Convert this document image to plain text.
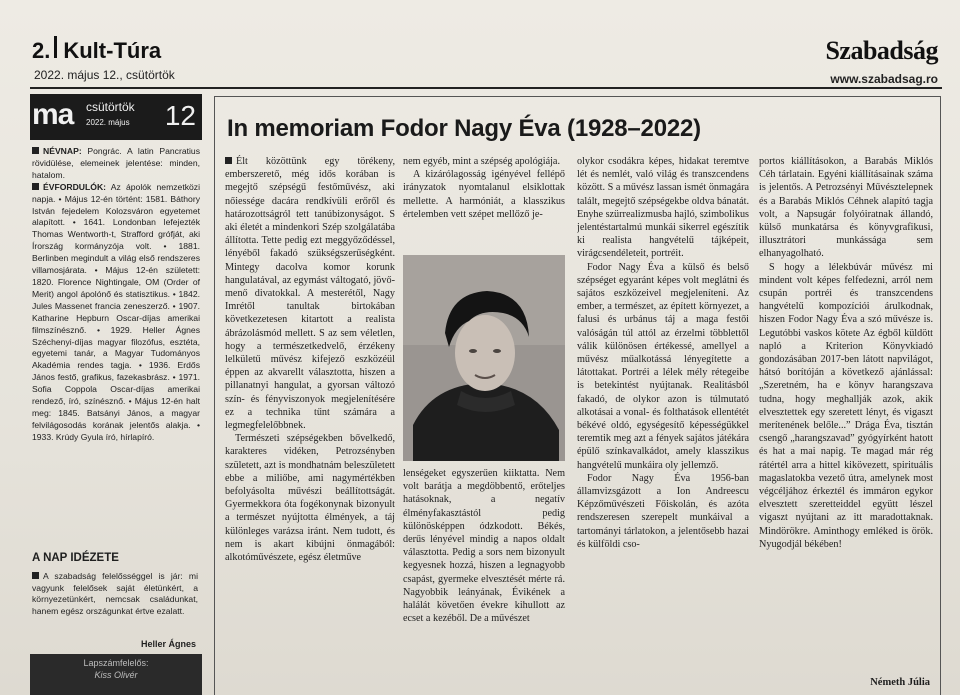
2. Kult-Túra
2022. május 12., csütörtök
Szabadság
www.szabadsag.ro
ma csütörtök
2022. május 12
NÉVNAP: Pongrác. A latin Pancratius rövidülése, elemeinek jelentése: minden, hatalom.
ÉVFORDULÓK: Az ápolók nemzetközi napja. • Május 12-én történt: 1581. Báthory István fejedelem Kolozsváron egyetemet alapított. • 1641. Londonban lefejezték Thomas Wentworth-t, Strafford grófját, aki Írország kormányzója volt. • 1881. Berlinben megindult a világ első rendszeres villamosjárata. • Május 12-én született: 1820. Florence Nightingale, OM (Order of Merit) angol ápolónő és statisztikus. • 1842. Jules Massenet francia zeneszerző. • 1907. Katharine Hepburn Oscar-díjas amerikai filmszínésznő. • 1929. Heller Ágnes Széchenyi-díjas magyar filozófus, esztéta, egyetemi tanár, a Magyar Tudományos Akadémia rendes tagja. • 1936. Erdős János festő, grafikus, fazekasbrász. • 1971. Sofia Coppola Oscar-díjas amerikai rendező, író, színésznő. • Május 12-én halt meg: 1845. Batsányi János, a magyar felvilágosodás korának jelentős alakja. • 1933. Krúdy Gyula író, hírlapíró.
A NAP IDÉZETE
A szabadság felelősséggel is jár: mi vagyunk felelősek saját életünkért, a környezetünkért, nemcsak családunkat, hanem egész országunkat értve ezalatt.
Heller Ágnes
Lapszámfelelős:
Kiss Olivér
In memoriam Fodor Nagy Éva (1928–2022)

Élt közöttünk egy törékeny, emberszerető, még idős korában is megejtő szépségű festőművész, aki nőiessége dacára rendkívüli erőről és határozottságról tett tanúbizonyságot. S aki életét a mindenkori Szép szolgálatába állította. Tette pedig ezt meggyőződéssel, lényéből fakadó szükségszerűségként. Mintegy dacolva komor korunk hangulatával, az egymást váltogató, jövő-menő divatokkal. A mesterétől, Nagy Imrétől tanultak birtokában következetesen kitartott a realista ábrázolásmód mellett. S az sem véletlen, hogy a természetkedvelő, érzékeny lelkületű művész kifejező eszközéül éppen az akvarellt választotta, hiszen a pillanatnyi hangulat, a gyorsan változó szín- és fényviszonyok megjelenítésére ez a technika tűnt számára a legmegfelelőbbnek.

Természeti szépségekben bővelkedő, karakteres vidéken, Petrozsényben született, azt is mondhatnám beleszületett ebbe a miliőbe, ami nagymértékben befolyásolta művészi beállítottságát. Gyermekkora óta fogékonynak bizonyult a természet nyújtotta élmények, a táj különleges varázsa iránt. Nem tudott, és nem is akart kibújni önmagából: alkotóművészete, egész életműve

nem egyéb, mint a szépség apológiája.

A kizárólagosság igényével fellépő irányzatok nyomtalanul elsiklottak mellette. A harmóniát, a klasszikus értelemben vett szépet mellőző je-

lenségeket egyszerűen kiiktatta. Nem volt barátja a megdöbbentő, erőteljes hatásoknak, a negatív élményfakasztástól pedig különösképpen ódzkodott. Békés, derűs lényével mindig a napos oldalt választotta. Pedig a sors nem bizonyult kegyesnek hozzá, hiszen a legnagyobb csapást, gyermeke elvesztését mérte rá. Nagyobbik leányának, Évikének a halálát követően évekre kihullott az ecset a kezéből. De a művészet

olykor csodákra képes, hidakat teremtve lét és nemlét, való világ és transzcendens között. S a művész lassan ismét önmagára talált, megejtő szépségekbe oldva bánatát. Enyhe szürrealizmusba hajló, szimbolikus jelentéstartalmú munkái sikerrel egészítik ki realista hangvételű tájképeit, virágcsendéleteit, portréit.

Fodor Nagy Éva a külső és belső szépséget egyaránt képes volt meglátni és sajátos eszközeivel megjeleníteni. Az ember, a természet, az épített környezet, a falusi és urbánus táj a maga festői valóságán túl attól az érzelmi többlettől válik különösen értékessé, amellyel a művész műalkotássá lényegítette a látottakat. Portréi a lélek mély rétegeibe is betekintést nyújtanak. Realitásból fakadó, de olykor azon is túlmutató alkotásai a vonal- és folthatások ellentétét békévé oldó, egységesítő képességükkel teremtik meg azt a fények sajátos játékára épülő színkavalkádot, amely klasszikus hangvételű munkáira oly jellemző.

Fodor Nagy Éva 1956-ban államvizsgázott a Ion Andreescu Képzőművészeti Főiskolán, és azóta rendszeresen szerepelt munkáival a tartományi tárlatokon, a jelentősebb hazai és külföldi cso-

portos kiállításokon, a Barabás Miklós Céh tárlatain. Egyéni kiállításainak száma is jelentős. A Petrozsényi Művésztelepnek és a Barabás Miklós Céhnek alapító tagja volt, a Napsugár folyóiratnak állandó, külső munkatársa és könyvgrafikusi, illusztrátori munkássága sem elhanyagolható.

S hogy a lélekbúvár művész mi mindent volt képes felfedezni, arról nem csupán portréi és transzcendens hangvételű kompozíciói árulkodnak, hiszen Fodor Nagy Éva a szó művésze is. Legutóbbi vaskos kötete Az égből küldött napló a Kriterion Könyvkiadó gondozásában 2017-ben látott napvilágot, hátsó borítóján a következő ajánlással: „Szeretném, ha e könyv harangszava tudna, hogy meghallják azok, akik elvesztettek egy szeretett lényt, és vigaszt merítenének belőle...” Drága Éva, tisztán csengő „harangszavad” gyógyírként hatott és hat a mai napig. Te magad már rég rátértél arra a hittel kikövezett, spirituális magaslatokba vezető útra, amelynek most végcéljához érkeztél és immáron egykor elvesztett szeretteiddel együtt lészel vigaszt nyújtani az itt maradottaknak. Mindörökre. Aminthogy emléked is örök. Nyugodjál békében!

Németh Júlia
